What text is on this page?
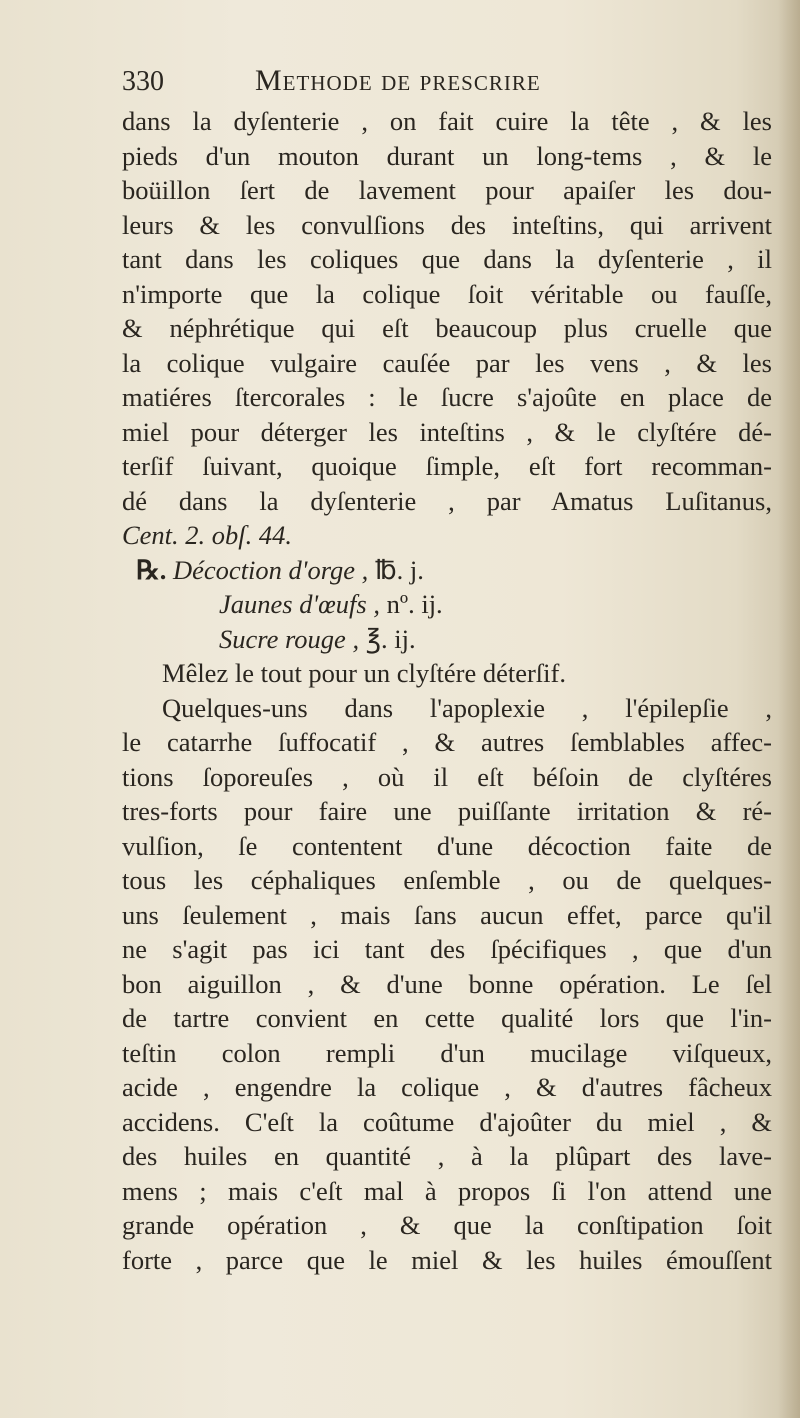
330	Methode de prescrire
dans la dyſenterie , on fait cuire la tête , & les
pieds d'un mouton durant un long-tems , & le
boüillon ſert de lavement pour apaiſer les dou-
leurs & les convulſions des inteſtins, qui arrivent
tant dans les coliques que dans la dyſenterie , il
n'importe que la colique ſoit véritable ou fauſſe,
& néphrétique qui eſt beaucoup plus cruelle que
la colique vulgaire cauſée par les vens , & les
matiéres ſtercorales : le ſucre s'ajoûte en place de
miel pour déterger les inteſtins , & le clyſtére dé-
terſif ſuivant, quoique ſimple, eſt fort recomman-
dé dans la dyſenterie , par Amatus Luſitanus,
Cent. 2. obſ. 44.
℞. Décoction d'orge , ℔. j.
Jaunes d'œufs , nº. ij.
Sucre rouge , ℥. ij.
Mêlez le tout pour un clyſtére déterſif.
Quelques-uns dans l'apoplexie , l'épilepſie ,
le catarrhe ſuffocatif , & autres ſemblables affec-
tions ſoporeuſes , où il eſt béſoin de clyſtéres
tres-forts pour faire une puiſſante irritation & ré-
vulſion, ſe contentent d'une décoction faite de
tous les céphaliques enſemble , ou de quelques-
uns ſeulement , mais ſans aucun effet, parce qu'il
ne s'agit pas ici tant des ſpécifiques , que d'un
bon aiguillon , & d'une bonne opération. Le ſel
de tartre convient en cette qualité lors que l'in-
teſtin colon rempli d'un mucilage viſqueux,
acide , engendre la colique , & d'autres fâcheux
accidens. C'eſt la coûtume d'ajoûter du miel , &
des huiles en quantité , à la plûpart des lave-
mens ; mais c'eſt mal à propos ſi l'on attend une
grande opération , & que la conſtipation ſoit
forte , parce que le miel & les huiles émouſſent
